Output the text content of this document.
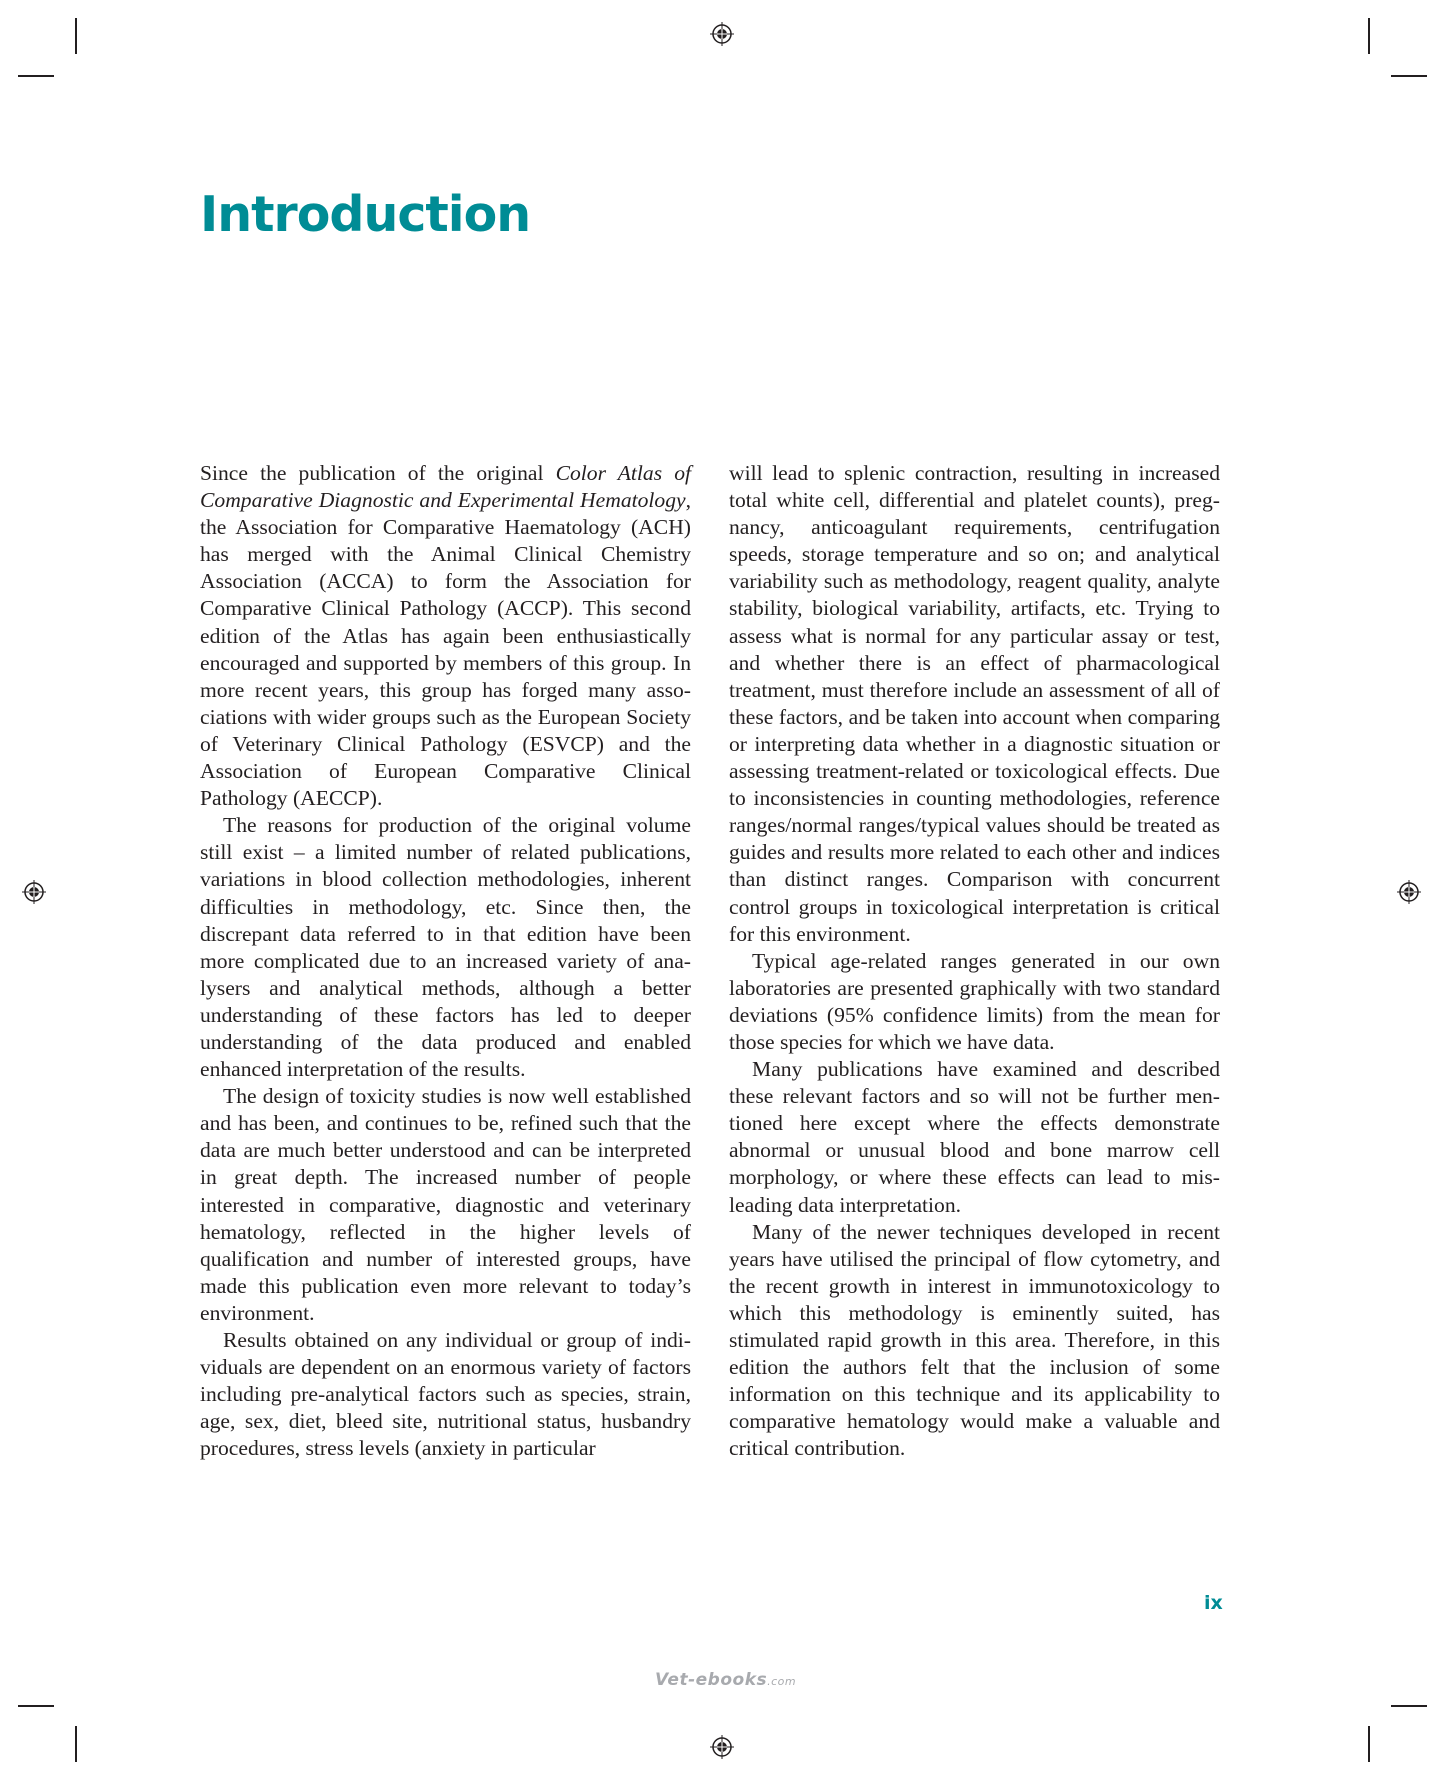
Introduction

Since the publication of the original Color Atlas of Comparative Diagnostic and Experimental Hematology, the Association for Comparative Haematology (ACH) has merged with the Animal Clinical Chemistry Association (ACCA) to form the Association for Comparative Clinical Pathology (ACCP). This second edition of the Atlas has again been enthusiastically encouraged and supported by members of this group. In more recent years, this group has forged many associations with wider groups such as the European Society of Veterinary Clinical Pathology (ESVCP) and the Association of European Comparative Clinical Pathology (AECCP).

The reasons for production of the original volume still exist – a limited number of related publications, variations in blood collection methodologies, inherent difficulties in methodology, etc. Since then, the discrepant data referred to in that edition have been more complicated due to an increased variety of analysers and analytical methods, although a better understanding of these factors has led to deeper understanding of the data produced and enabled enhanced interpretation of the results.

The design of toxicity studies is now well established and has been, and continues to be, refined such that the data are much better understood and can be interpreted in great depth. The increased number of people interested in comparative, diagnostic and veterinary hematology, reflected in the higher levels of qualification and number of interested groups, have made this publication even more relevant to today’s environment.

Results obtained on any individual or group of individuals are dependent on an enormous variety of factors including pre-analytical factors such as species, strain, age, sex, diet, bleed site, nutritional status, husbandry procedures, stress levels (anxiety in particular

will lead to splenic contraction, resulting in increased total white cell, differential and platelet counts), pregnancy, anticoagulant requirements, centrifugation speeds, storage temperature and so on; and analytical variability such as methodology, reagent quality, analyte stability, biological variability, artifacts, etc. Trying to assess what is normal for any particular assay or test, and whether there is an effect of pharmacological treatment, must therefore include an assessment of all of these factors, and be taken into account when comparing or interpreting data whether in a diagnostic situation or assessing treatment-related or toxicological effects. Due to inconsistencies in counting methodologies, reference ranges/normal ranges/typical values should be treated as guides and results more related to each other and indices than distinct ranges. Comparison with concurrent control groups in toxicological interpretation is critical for this environment.

Typical age-related ranges generated in our own laboratories are presented graphically with two standard deviations (95% confidence limits) from the mean for those species for which we have data.

Many publications have examined and described these relevant factors and so will not be further mentioned here except where the effects demonstrate abnormal or unusual blood and bone marrow cell morphology, or where these effects can lead to misleading data interpretation.

Many of the newer techniques developed in recent years have utilised the principal of flow cytometry, and the recent growth in interest in immunotoxicology to which this methodology is eminently suited, has stimulated rapid growth in this area. Therefore, in this edition the authors felt that the inclusion of some information on this technique and its applicability to comparative hematology would make a valuable and critical contribution.

ix
Vet-ebooks.com
